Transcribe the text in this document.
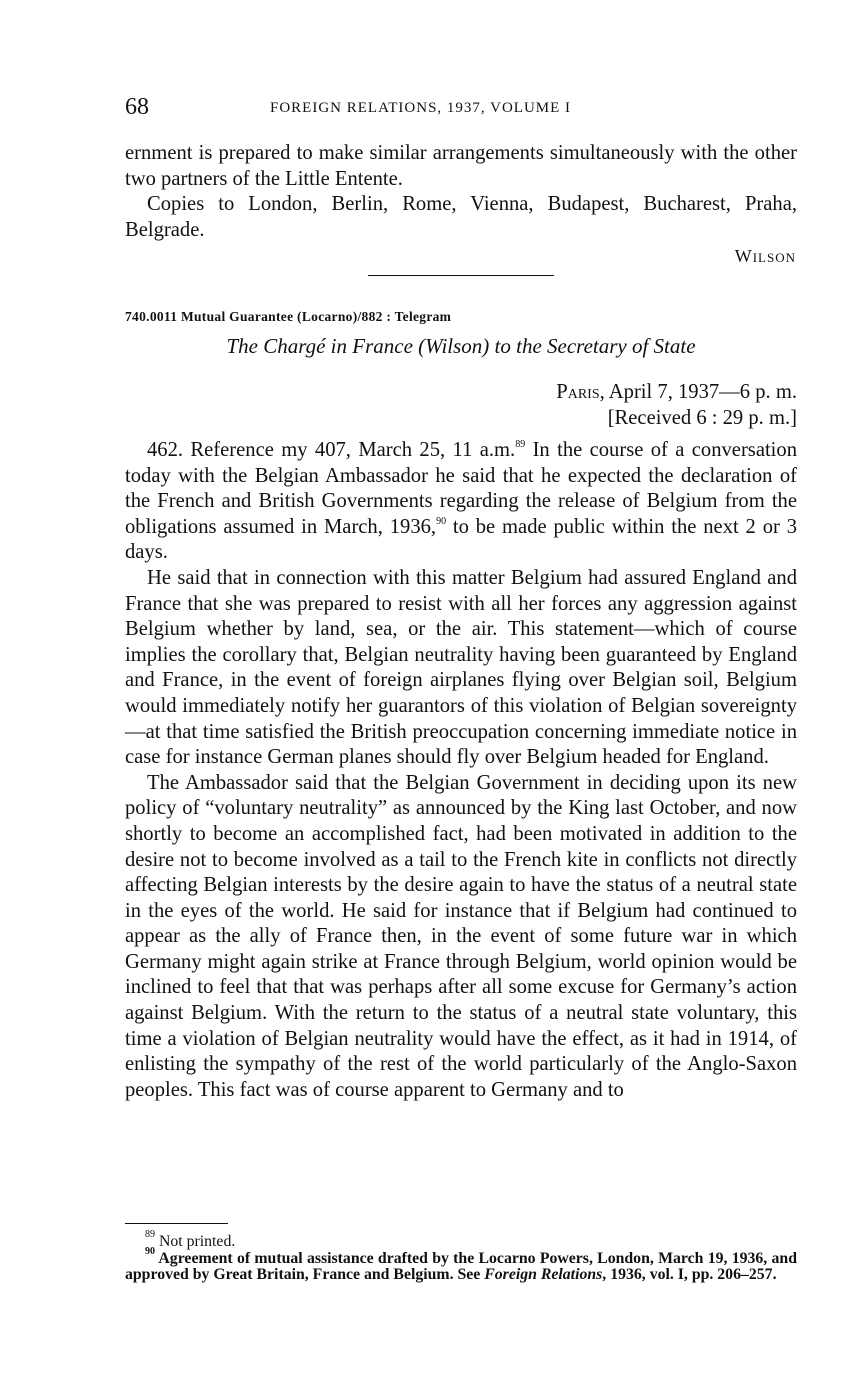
68	FOREIGN RELATIONS, 1937, VOLUME I

ernment is prepared to make similar arrangements simultaneously with the other two partners of the Little Entente.

Copies to London, Berlin, Rome, Vienna, Budapest, Bucharest, Praha, Belgrade.

Wilson
740.0011 Mutual Guarantee (Locarno)/882 : Telegram
The Chargé in France (Wilson) to the Secretary of State
Paris, April 7, 1937—6 p. m.
[Received 6 : 29 p. m.]

462. Reference my 407, March 25, 11 a.m.$^{89}$ In the course of a conversation today with the Belgian Ambassador he said that he expected the declaration of the French and British Governments regarding the release of Belgium from the obligations assumed in March, 1936,90 to be made public within the next 2 or 3 days.

He said that in connection with this matter Belgium had assured England and France that she was prepared to resist with all her forces any aggression against Belgium whether by land, sea, or the air. This statement—which of course implies the corollary that, Belgian neutrality having been guaranteed by England and France, in the event of foreign airplanes flying over Belgian soil, Belgium would immediately notify her guarantors of this violation of Belgian sovereignty—at that time satisfied the British preoccupation concerning immediate notice in case for instance German planes should fly over Belgium headed for England.

The Ambassador said that the Belgian Government in deciding upon its new policy of “voluntary neutrality” as announced by the King last October, and now shortly to become an accomplished fact, had been motivated in addition to the desire not to become involved as a tail to the French kite in conflicts not directly affecting Belgian interests by the desire again to have the status of a neutral state in the eyes of the world. He said for instance that if Belgium had continued to appear as the ally of France then, in the event of some future war in which Germany might again strike at France through Belgium, world opinion would be inclined to feel that that was perhaps after all some excuse for Germany’s action against Belgium. With the return to the status of a neutral state voluntary, this time a violation of Belgian neutrality would have the effect, as it had in 1914, of enlisting the sympathy of the rest of the world particularly of the Anglo-Saxon peoples. This fact was of course apparent to Germany and to

$^{89}$ Not printed.

$^{90}$ Agreement of mutual assistance drafted by the Locarno Powers, London, March 19, 1936, and approved by Great Britain, France and Belgium. See Foreign Relations, 1936, vol. I, pp. 206–257.
